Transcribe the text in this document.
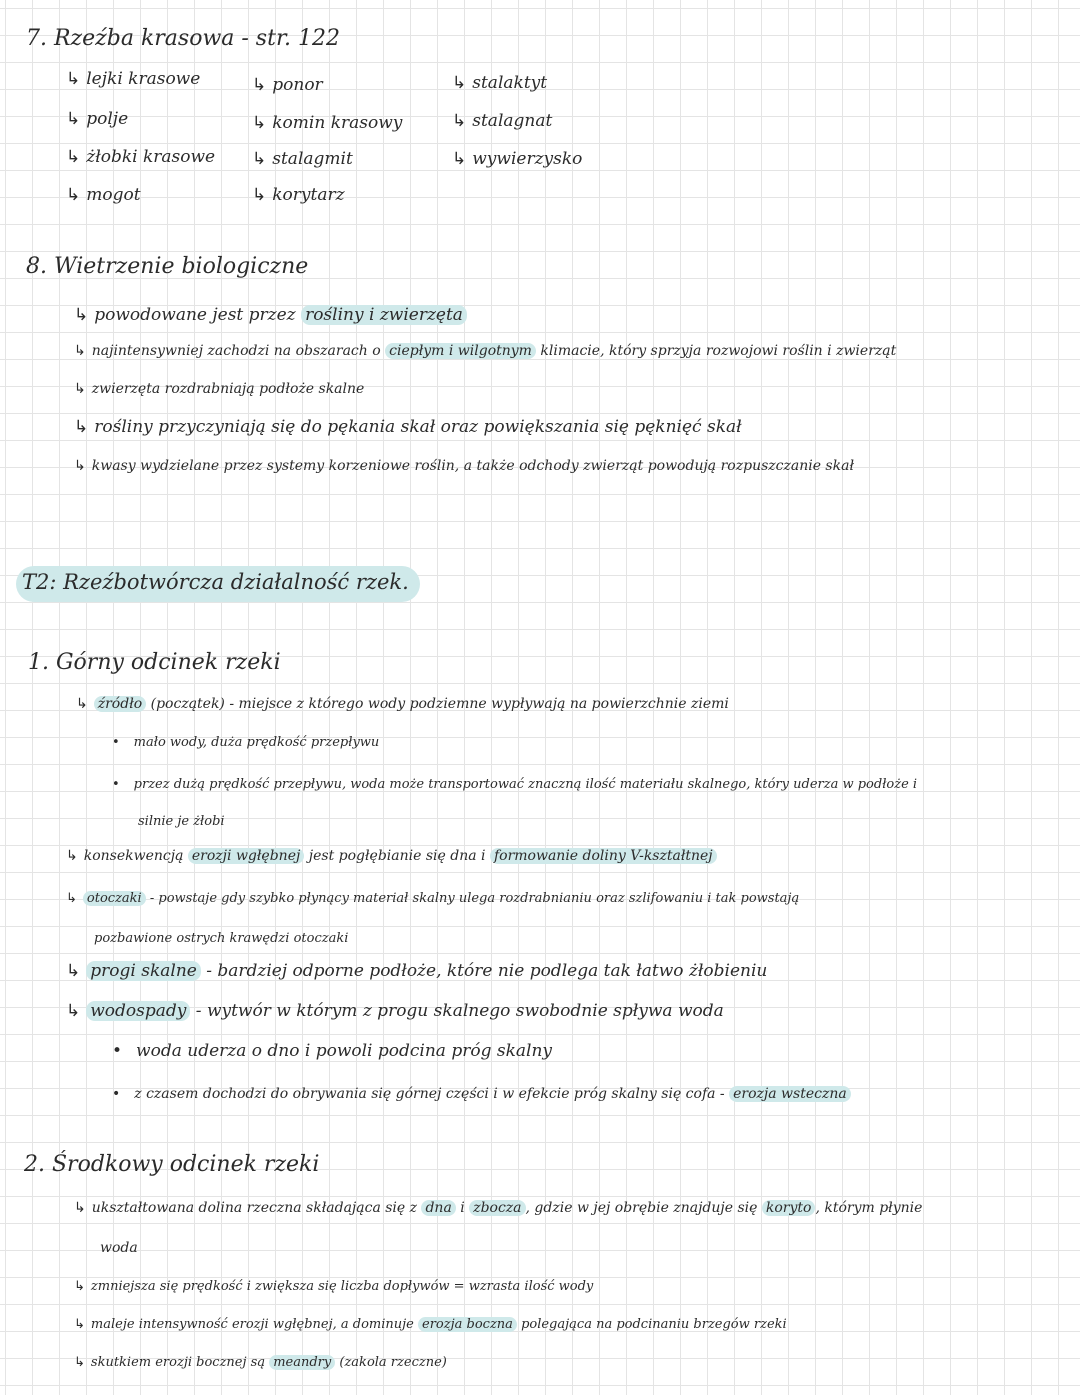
7. Rzeźba krasowa - str. 122
↳ lejki krasowe
↳ polje
↳ żłobki krasowe
↳ mogot
↳ ponor
↳ komin krasowy
↳ stalagmit
↳ korytarz
↳ stalaktyt
↳ stalagnat
↳ wywierzysko
8. Wietrzenie biologiczne
↳ powodowane jest przez rośliny i zwierzęta
↳ najintensywniej zachodzi na obszarach o ciepłym i wilgotnym klimacie, który sprzyja rozwojowi roślin i zwierząt
↳ zwierzęta rozdrabniają podłoże skalne
↳ rośliny przyczyniają się do pękania skał oraz powiększania się pęknięć skał
↳ kwasy wydzielane przez systemy korzeniowe roślin, a także odchody zwierząt powodują rozpuszczanie skał
T2: Rzeźbotwórcza działalność rzek.
1. Górny odcinek rzeki
↳ źródło (początek) - miejsce z którego wody podziemne wypływają na powierzchnie ziemi
• mało wody, duża prędkość przepływu
• przez dużą prędkość przepływu, woda może transportować znaczną ilość materiału skalnego, który uderza w podłoże i
silnie je żłobi
↳ konsekwencją erozji wgłębnej jest pogłębianie się dna i formowanie doliny V-kształtnej
↳ otoczaki - powstaje gdy szybko płynący materiał skalny ulega rozdrabnianiu oraz szlifowaniu i tak powstają
pozbawione ostrych krawędzi otoczaki
↳ progi skalne - bardziej odporne podłoże, które nie podlega tak łatwo żłobieniu
↳ wodospady - wytwór w którym z progu skalnego swobodnie spływa woda
• woda uderza o dno i powoli podcina próg skalny
• z czasem dochodzi do obrywania się górnej części i w efekcie próg skalny się cofa - erozja wsteczna
2. Środkowy odcinek rzeki
↳ ukształtowana dolina rzeczna składająca się z dna i zbocza , gdzie w jej obrębie znajduje się koryto , którym płynie
woda
↳ zmniejsza się prędkość i zwiększa się liczba dopływów = wzrasta ilość wody
↳ maleje intensywność erozji wgłębnej, a dominuje erozja boczna polegająca na podcinaniu brzegów rzeki
↳ skutkiem erozji bocznej są meandry (zakola rzeczne)
